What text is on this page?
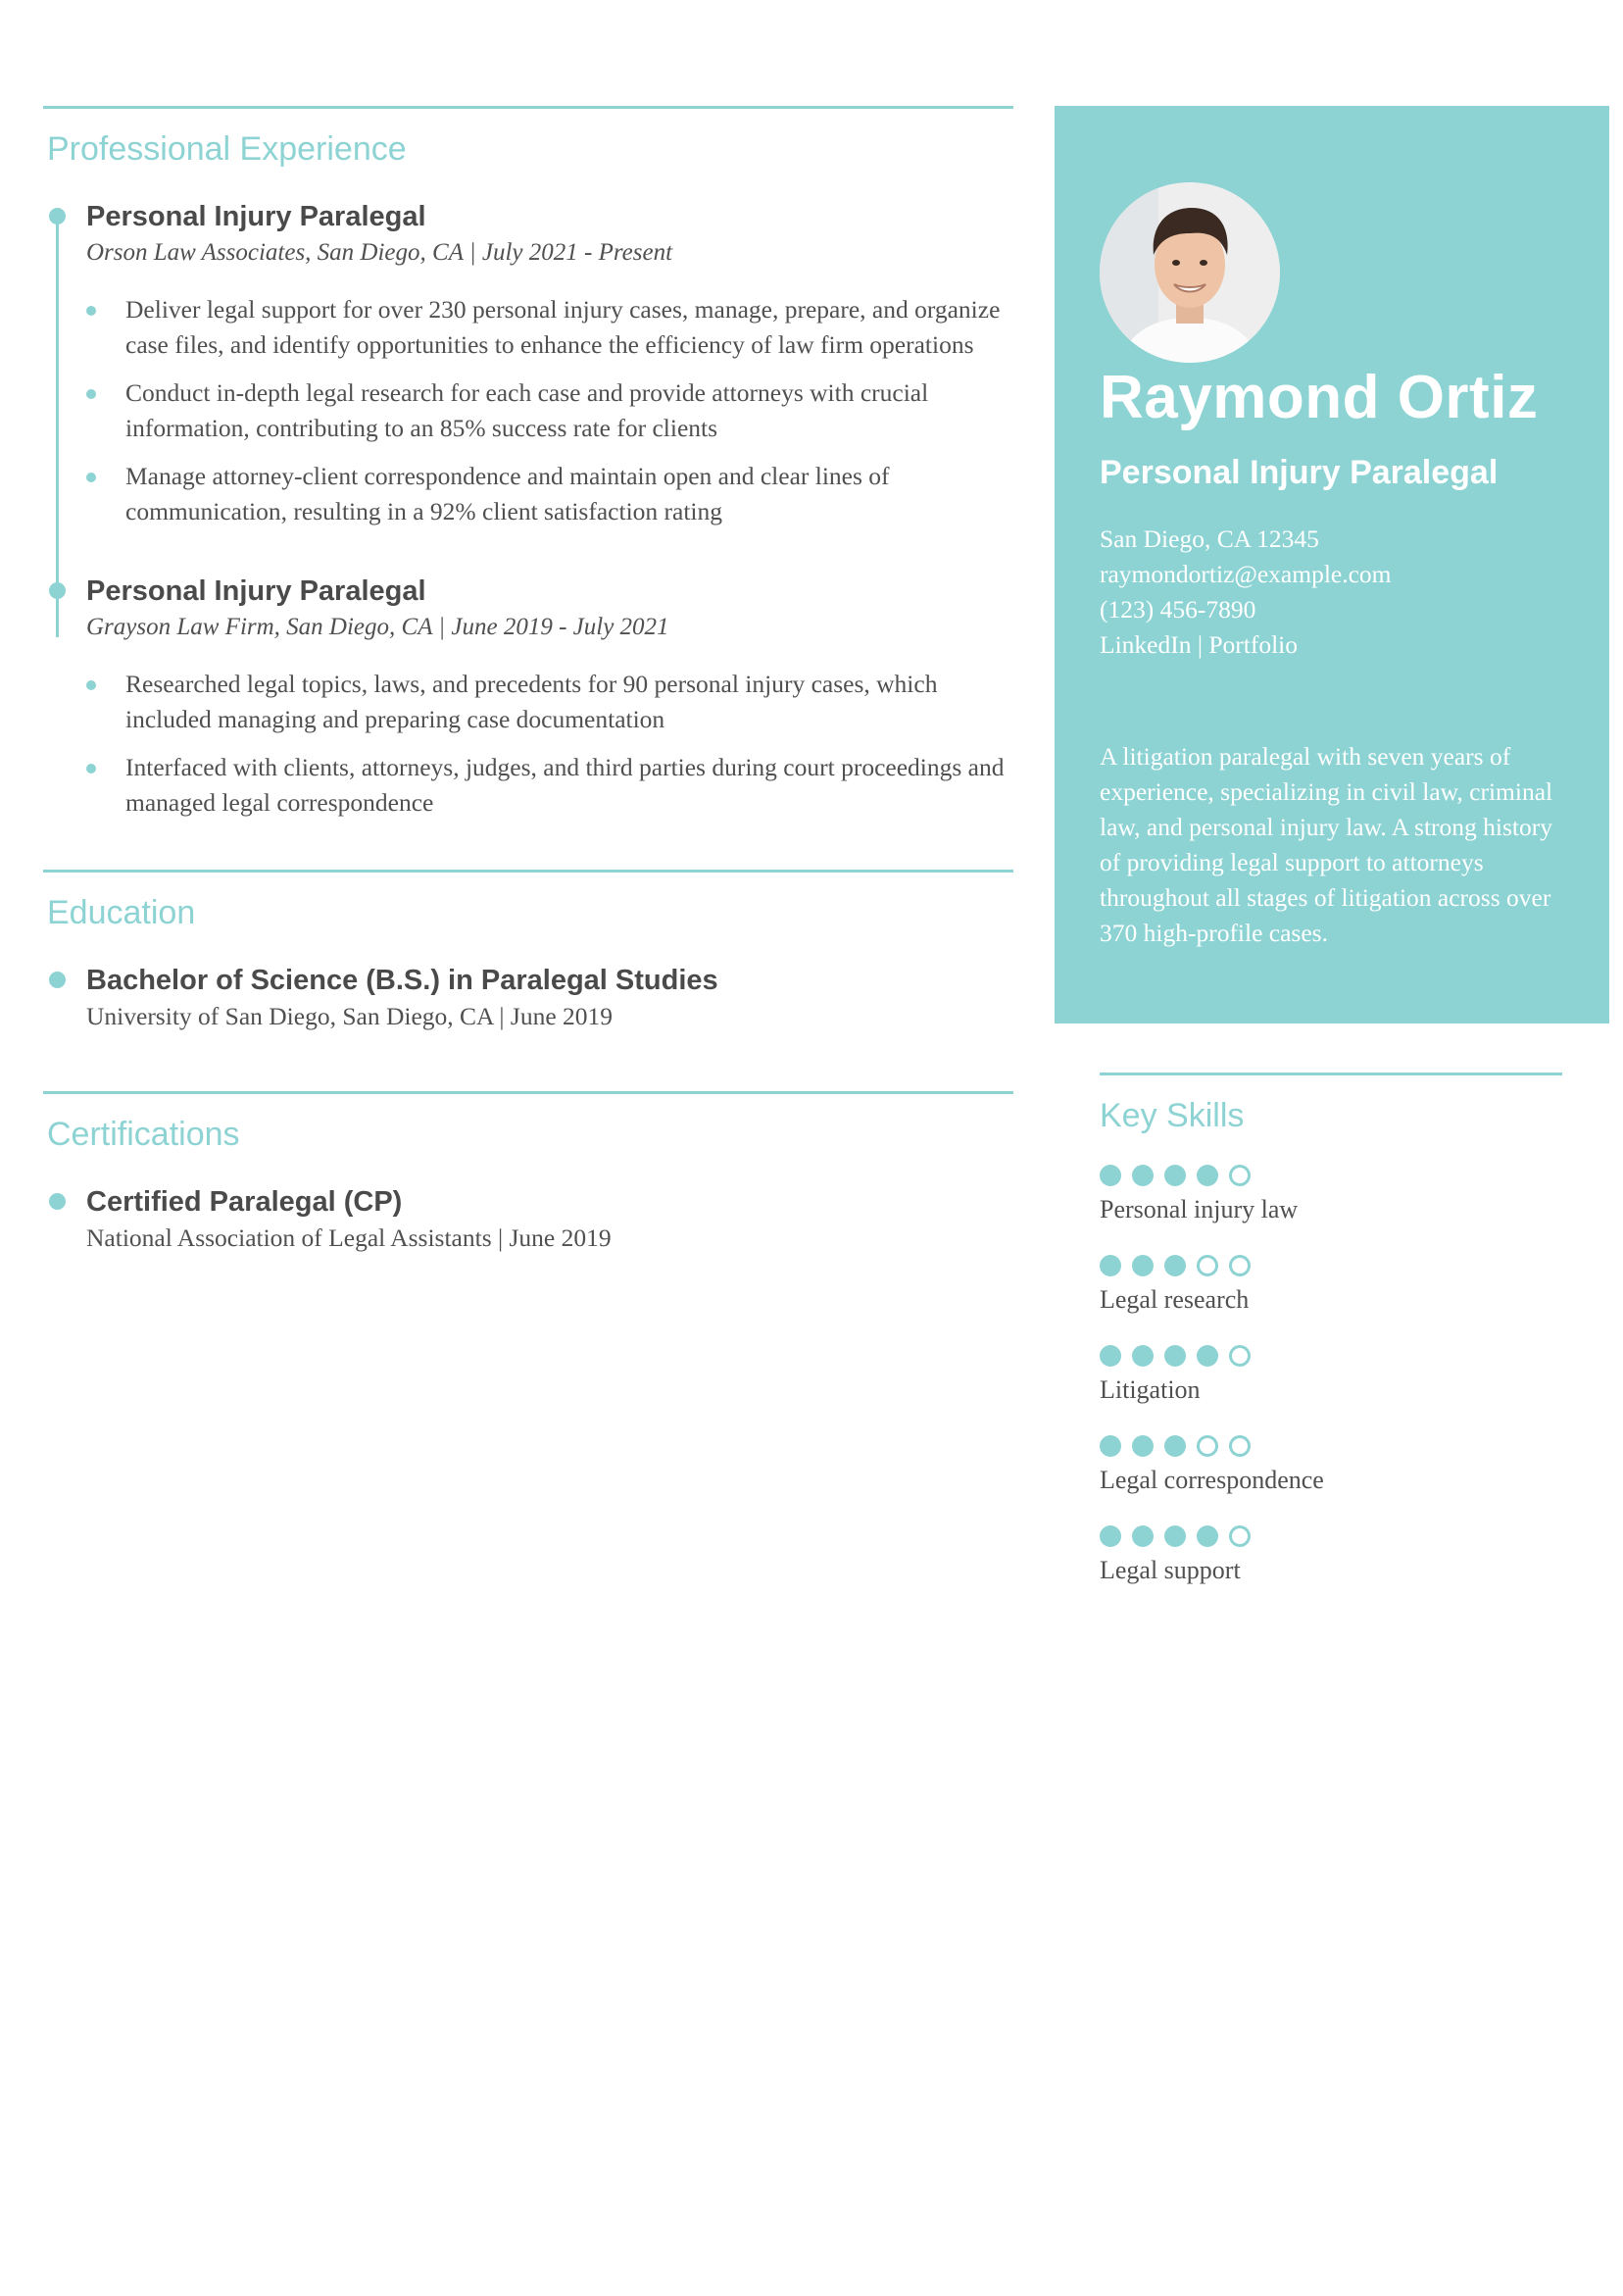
Professional Experience
Personal Injury Paralegal
Orson Law Associates, San Diego, CA | July 2021 - Present
Deliver legal support for over 230 personal injury cases, manage, prepare, and organize case files, and identify opportunities to enhance the efficiency of law firm operations
Conduct in-depth legal research for each case and provide attorneys with crucial information, contributing to an 85% success rate for clients
Manage attorney-client correspondence and maintain open and clear lines of communication, resulting in a 92% client satisfaction rating
Personal Injury Paralegal
Grayson Law Firm, San Diego, CA | June 2019 - July 2021
Researched legal topics, laws, and precedents for 90 personal injury cases, which included managing and preparing case documentation
Interfaced with clients, attorneys, judges, and third parties during court proceedings and managed legal correspondence
Education
Bachelor of Science (B.S.) in Paralegal Studies
University of San Diego, San Diego, CA | June 2019
Certifications
Certified Paralegal (CP)
National Association of Legal Assistants | June 2019
Raymond Ortiz
Personal Injury Paralegal
San Diego, CA 12345
raymondortiz@example.com
(123) 456-7890
LinkedIn | Portfolio
A litigation paralegal with seven years of experience, specializing in civil law, criminal law, and personal injury law. A strong history of providing legal support to attorneys throughout all stages of litigation across over 370 high-profile cases.
Key Skills
Personal injury law
Legal research
Litigation
Legal correspondence
Legal support
